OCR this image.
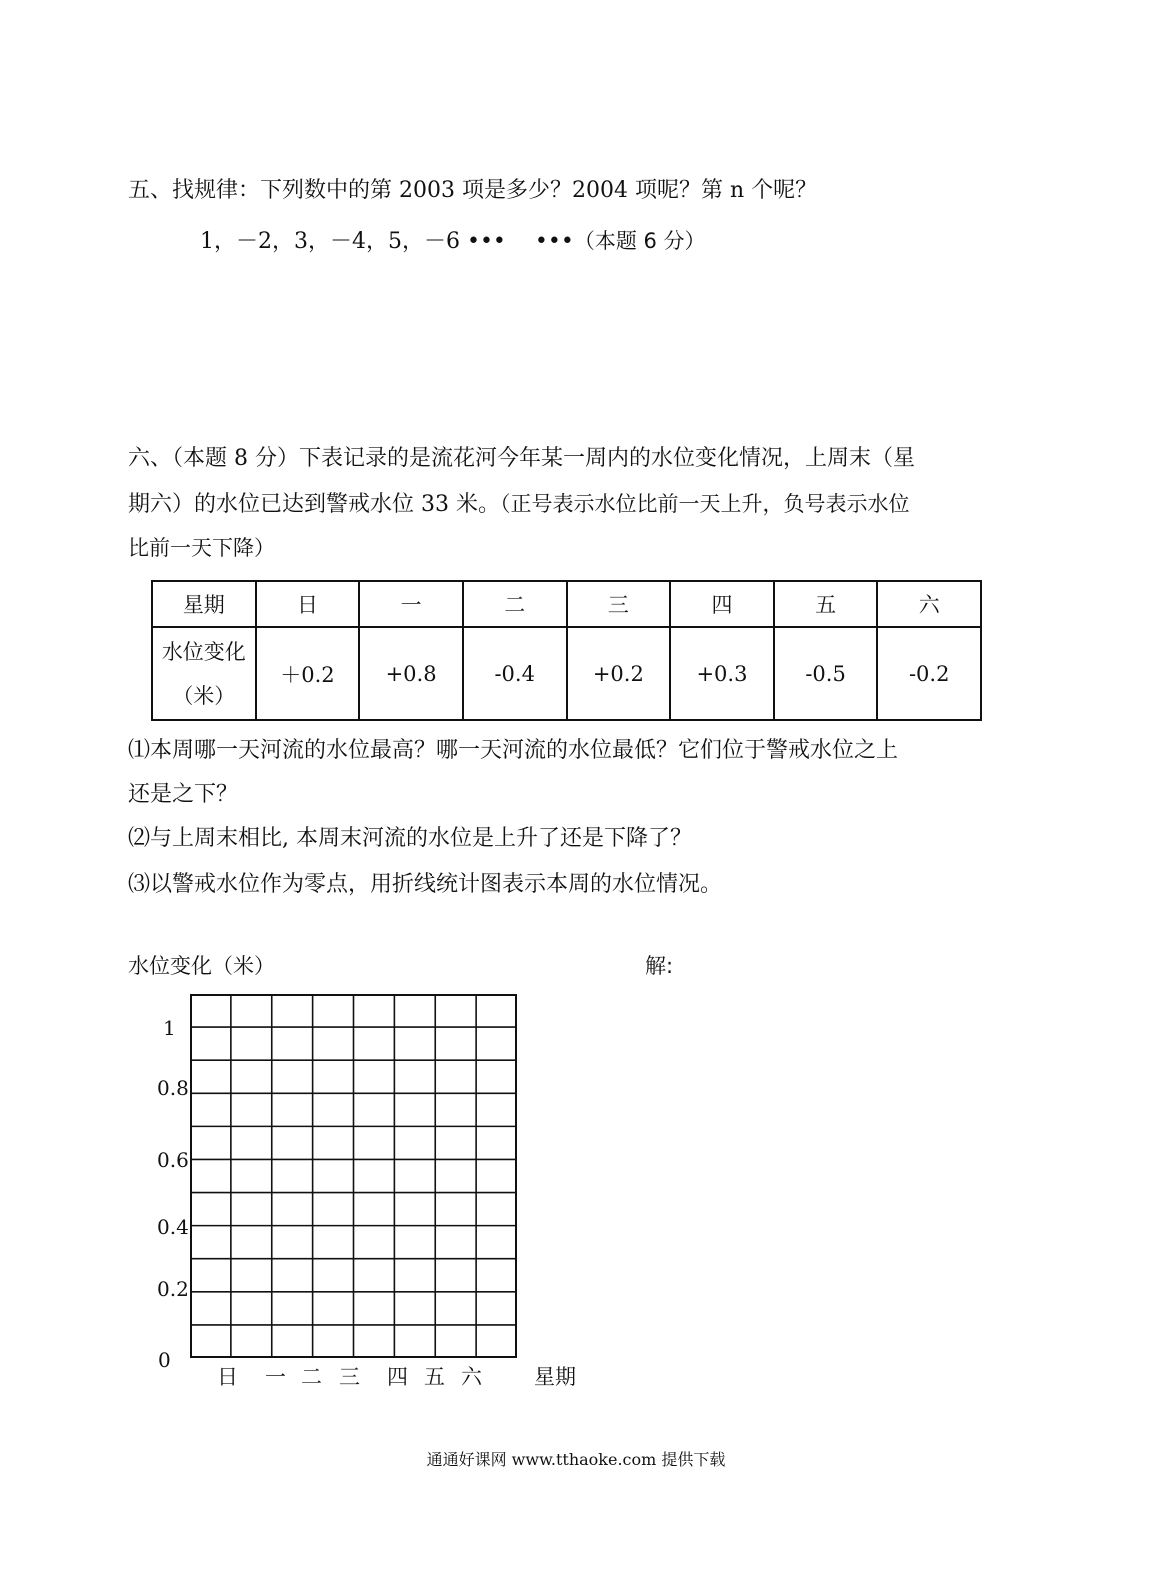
五、找规律：下列数中的第 2003 项是多少？2004 项呢？第 n 个呢？
1，－2，3，－4，5，－6 •••　 •••（本题 6 分）
六、（本题 8 分）下表记录的是流花河今年某一周内的水位变化情况，上周末（星
期六）的水位已达到警戒水位 33 米。（正号表示水位比前一天上升，负号表示水位
比前一天下降）
星期	日	一	二	三	四	五	六

水位变化
（米）	＋0.2	+0.8	-0.4	+0.2	+0.3	-0.5	-0.2
⑴本周哪一天河流的水位最高？哪一天河流的水位最低？它们位于警戒水位之上
还是之下？
⑵与上周末相比, 本周末河流的水位是上升了还是下降了？
⑶以警戒水位作为零点，用折线统计图表示本周的水位情况。
水位变化（米）	解:
1
0.8
0.6
0.4
0.2
0
日 一 二 三 四 五 六 星期
通通好课网 www.tthaoke.com 提供下载
